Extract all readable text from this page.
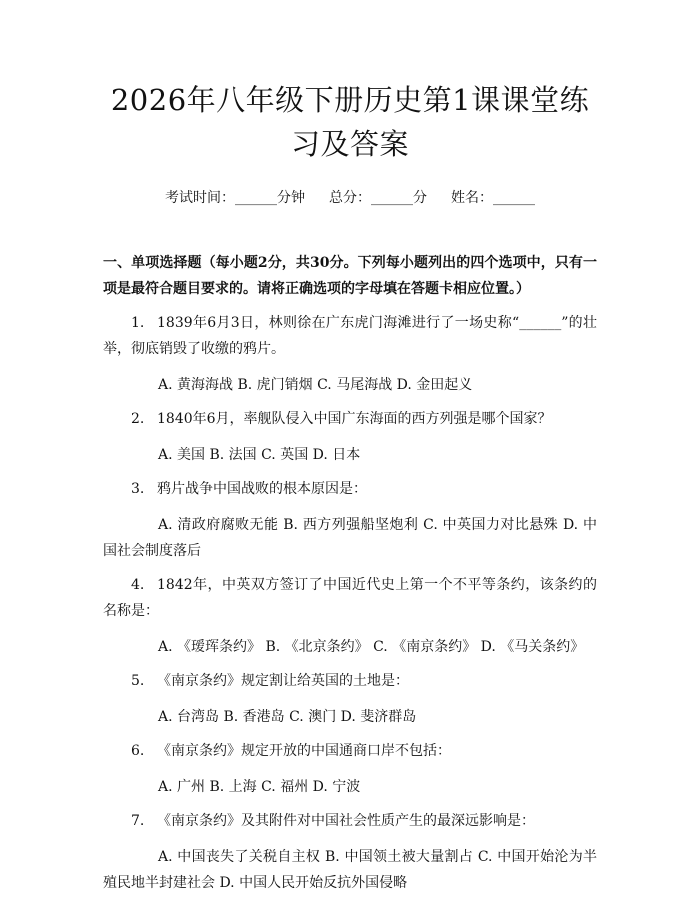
2026年八年级下册历史第1课课堂练习及答案
考试时间：______分钟 总分：______分 姓名：______
一、单项选择题（每小题2分，共30分。下列每小题列出的四个选项中，只有一项是最符合题目要求的。请将正确选项的字母填在答题卡相应位置。）
1. 1839年6月3日，林则徐在广东虎门海滩进行了一场史称“______”的壮举，彻底销毁了收缴的鸦片。
A. 黄海海战 B. 虎门销烟 C. 马尾海战 D. 金田起义
2. 1840年6月，率舰队侵入中国广东海面的西方列强是哪个国家？
A. 美国 B. 法国 C. 英国 D. 日本
3. 鸦片战争中国战败的根本原因是：
A. 清政府腐败无能 B. 西方列强船坚炮利 C. 中英国力对比悬殊 D. 中国社会制度落后
4. 1842年，中英双方签订了中国近代史上第一个不平等条约，该条约的名称是：
A. 《瑷珲条约》 B. 《北京条约》 C. 《南京条约》 D. 《马关条约》
5. 《南京条约》规定割让给英国的土地是：
A. 台湾岛 B. 香港岛 C. 澳门 D. 斐济群岛
6. 《南京条约》规定开放的中国通商口岸不包括：
A. 广州 B. 上海 C. 福州 D. 宁波
7. 《南京条约》及其附件对中国社会性质产生的最深远影响是：
A. 中国丧失了关税自主权 B. 中国领土被大量割占 C. 中国开始沦为半殖民地半封建社会 D. 中国人民开始反抗外国侵略
